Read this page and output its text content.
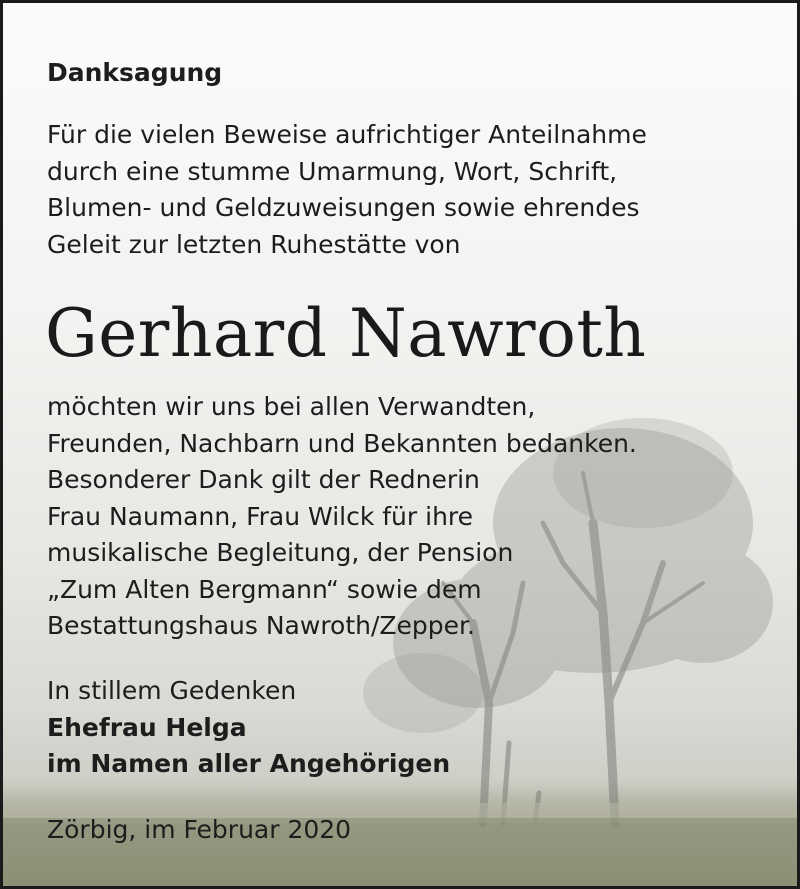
Danksagung

Für die vielen Beweise aufrichtiger Anteilnahme
durch eine stumme Umarmung, Wort, Schrift,
Blumen- und Geldzuweisungen sowie ehrendes
Geleit zur letzten Ruhestätte von

Gerhard Nawroth

möchten wir uns bei allen Verwandten,
Freunden, Nachbarn und Bekannten bedanken.
Besonderer Dank gilt der Rednerin
Frau Naumann, Frau Wilck für ihre
musikalische Begleitung, der Pension
„Zum Alten Bergmann“ sowie dem
Bestattungshaus Nawroth/Zepper.

In stillem Gedenken
Ehefrau Helga
im Namen aller Angehörigen

Zörbig, im Februar 2020
